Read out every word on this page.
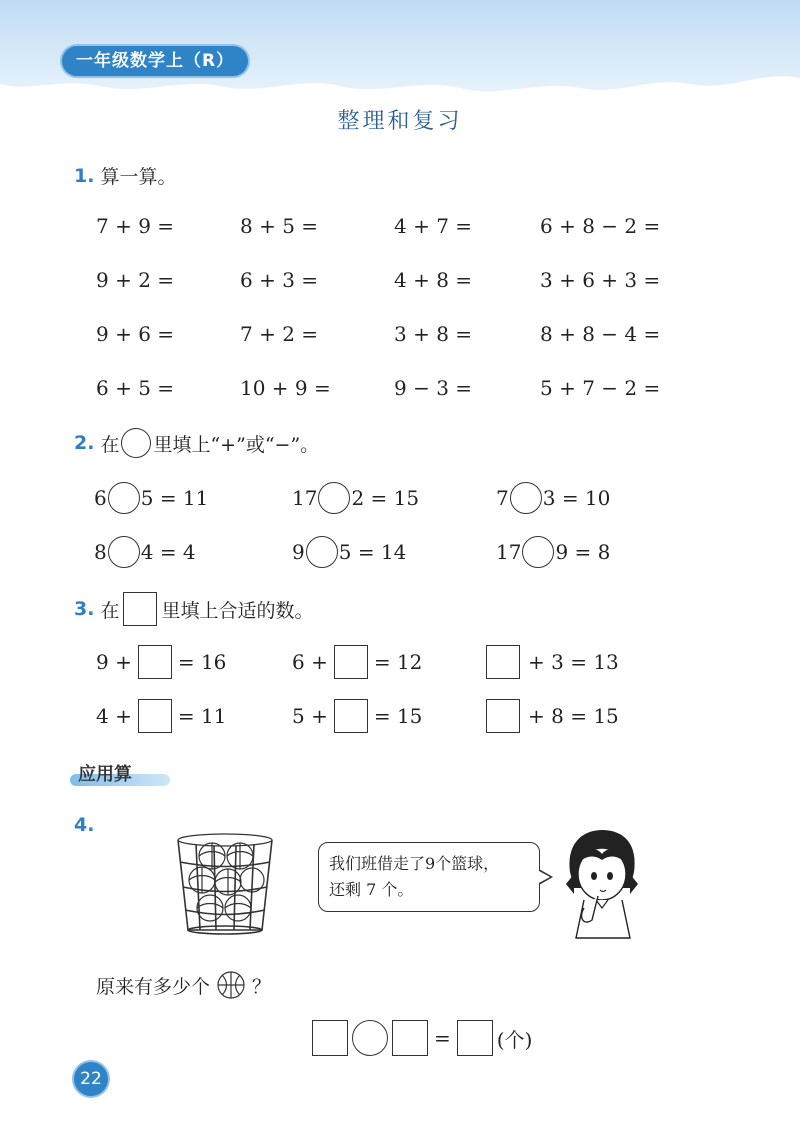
一年级数学上（R）
整理和复习
1. 算一算。
7 + 9 =	8 + 5 =	4 + 7 =	6 + 8 − 2 =
9 + 2 =	6 + 3 =	4 + 8 =	3 + 6 + 3 =
9 + 6 =	7 + 2 =	3 + 8 =	8 + 8 − 4 =
6 + 5 =	10 + 9 =	9 − 3 =	5 + 7 − 2 =
2. 在 里填上“+”或“−”。
6 5 = 11	17 2 = 15	7 3 = 10
8 4 = 4	9 5 = 14	17 9 = 8
3. 在 里填上合适的数。
9 + = 16	6 + = 12	+ 3 = 13
4 + = 11	5 + = 15	+ 8 = 15
应用算
4.
我们班借走了9个篮球，
还剩 7 个。
原来有多少个 ？
= (个)
22
